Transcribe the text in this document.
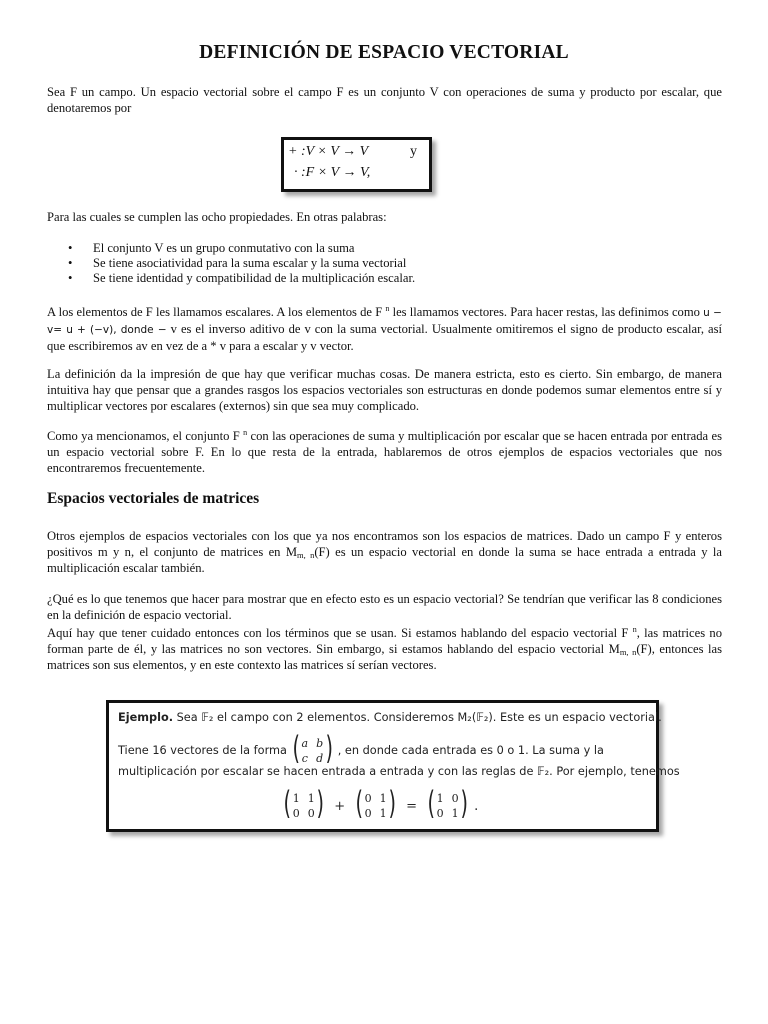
DEFINICIÓN DE ESPACIO VECTORIAL

Sea F un campo. Un espacio vectorial sobre el campo F es un conjunto V con operaciones de suma y producto por escalar, que denotaremos por

+ :V × V → V	y
· :F × V → V,

Para las cuales se cumplen las ocho propiedades. En otras palabras:

• El conjunto V es un grupo conmutativo con la suma
• Se tiene asociatividad para la suma escalar y la suma vectorial
• Se tiene identidad y compatibilidad de la multiplicación escalar.

A los elementos de F les llamamos escalares. A los elementos de F $^n$ les llamamos vectores. Para hacer restas, las definimos como u − v= u + (−v), donde − v es el inverso aditivo de v con la suma vectorial. Usualmente omitiremos el signo de producto escalar, así que escribiremos av en vez de a * v para a escalar y v vector.

La definición da la impresión de que hay que verificar muchas cosas. De manera estricta, esto es cierto. Sin embargo, de manera intuitiva hay que pensar que a grandes rasgos los espacios vectoriales son estructuras en donde podemos sumar elementos entre sí y multiplicar vectores por escalares (externos) sin que sea muy complicado.

Como ya mencionamos, el conjunto F $^n$ con las operaciones de suma y multiplicación por escalar que se hacen entrada por entrada es un espacio vectorial sobre F. En lo que resta de la entrada, hablaremos de otros ejemplos de espacios vectoriales que nos encontraremos frecuentemente.

Espacios vectoriales de matrices

Otros ejemplos de espacios vectoriales con los que ya nos encontramos son los espacios de matrices. Dado un campo F y enteros positivos m y n, el conjunto de matrices en $M_{m, n}(F)$ es un espacio vectorial en donde la suma se hace entrada a entrada y la multiplicación escalar también.

¿Qué es lo que tenemos que hacer para mostrar que en efecto esto es un espacio vectorial? Se tendrían que verificar las 8 condiciones en la definición de espacio vectorial.

Aquí hay que tener cuidado entonces con los términos que se usan. Si estamos hablando del espacio vectorial F $^n$, las matrices no forman parte de él, y las matrices no son vectores. Sin embargo, si estamos hablando del espacio vectorial $M_{m, n}(F)$, entonces las matrices son sus elementos, y en este contexto las matrices sí serían vectores.

Ejemplo. Sea 𝔽₂ el campo con 2 elementos. Consideremos M₂(𝔽₂). Este es un espacio vectorial.
Tiene 16 vectores de la forma ( a	b
c	d ) , en donde cada entrada es 0 o 1. La suma y la
multiplicación por escalar se hacen entrada a entrada y con las reglas de 𝔽₂. Por ejemplo, tenemos
( 1	1
0	0 ) + ( 0	1
0	1 ) = ( 1	0
0	1 ) .
